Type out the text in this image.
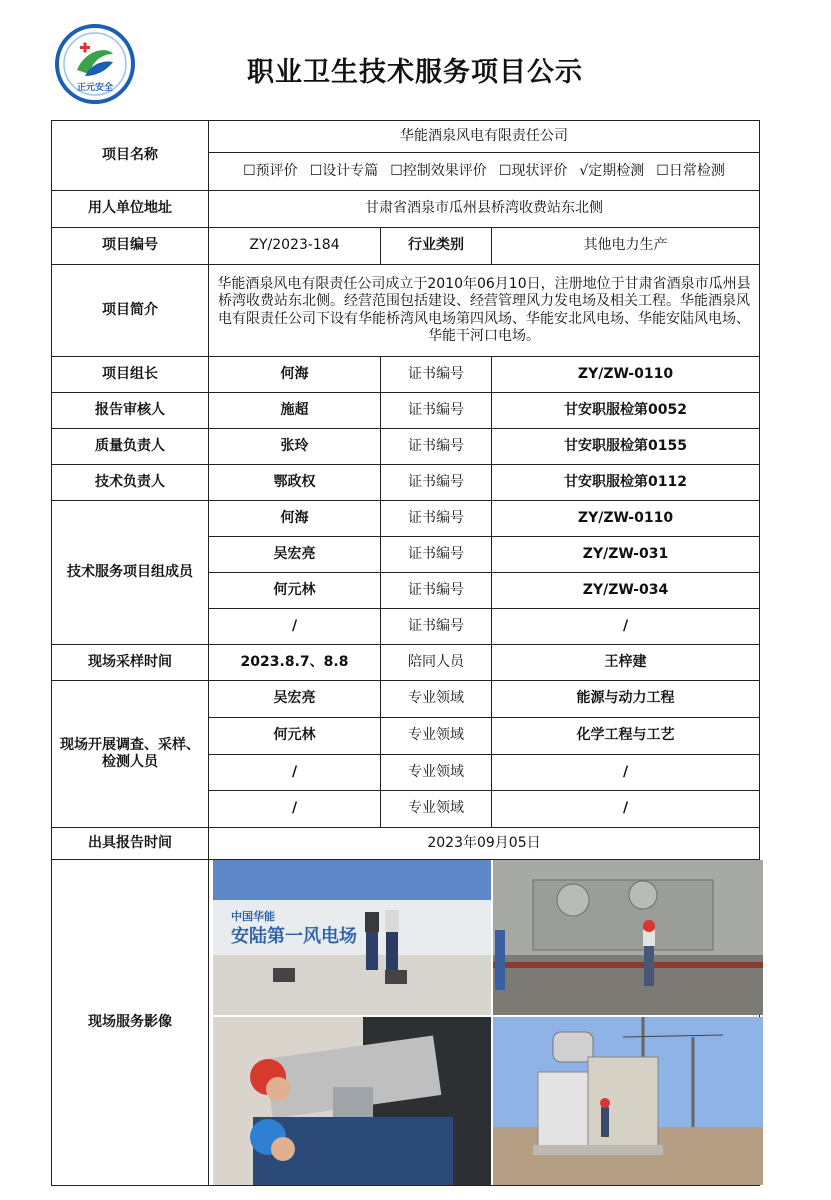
正元安全	职业卫生技术服务项目公示
项目名称	华能酒泉风电有限责任公司		
	☐预评价 ☐设计专篇 ☐控制效果评价 ☐现状评价 √定期检测 ☐日常检测		
用人单位地址	甘肃省酒泉市瓜州县桥湾收费站东北侧		
项目编号	ZY/2023-184	行业类别	其他电力生产
项目简介	华能酒泉风电有限责任公司成立于2010年06月10日，注册地位于甘肃省酒泉市瓜州县桥湾收费站东北侧。经营范围包括建设、经营管理风力发电场及相关工程。华能酒泉风电有限责任公司下设有华能桥湾风电场第四风场、华能安北风电场、华能安陆风电场、华能干河口电场。		
项目组长	何海	证书编号	ZY/ZW-0110
报告审核人	施超	证书编号	甘安职服检第0052
质量负责人	张玲	证书编号	甘安职服检第0155
技术负责人	鄂政权	证书编号	甘安职服检第0112
技术服务项目组成员	何海	证书编号	ZY/ZW-0110
	吴宏亮	证书编号	ZY/ZW-031
	何元林	证书编号	ZY/ZW-034
	/	证书编号	/
现场采样时间	2023.8.7、8.8	陪同人员	王梓建
现场开展调查、采样、检测人员	吴宏亮	专业领域	能源与动力工程
	何元林	专业领域	化学工程与工艺
	/	专业领域	/
	/	专业领域	/
出具报告时间	2023年09月05日		
现场服务影像	中国华能
安陆第一风电场		
